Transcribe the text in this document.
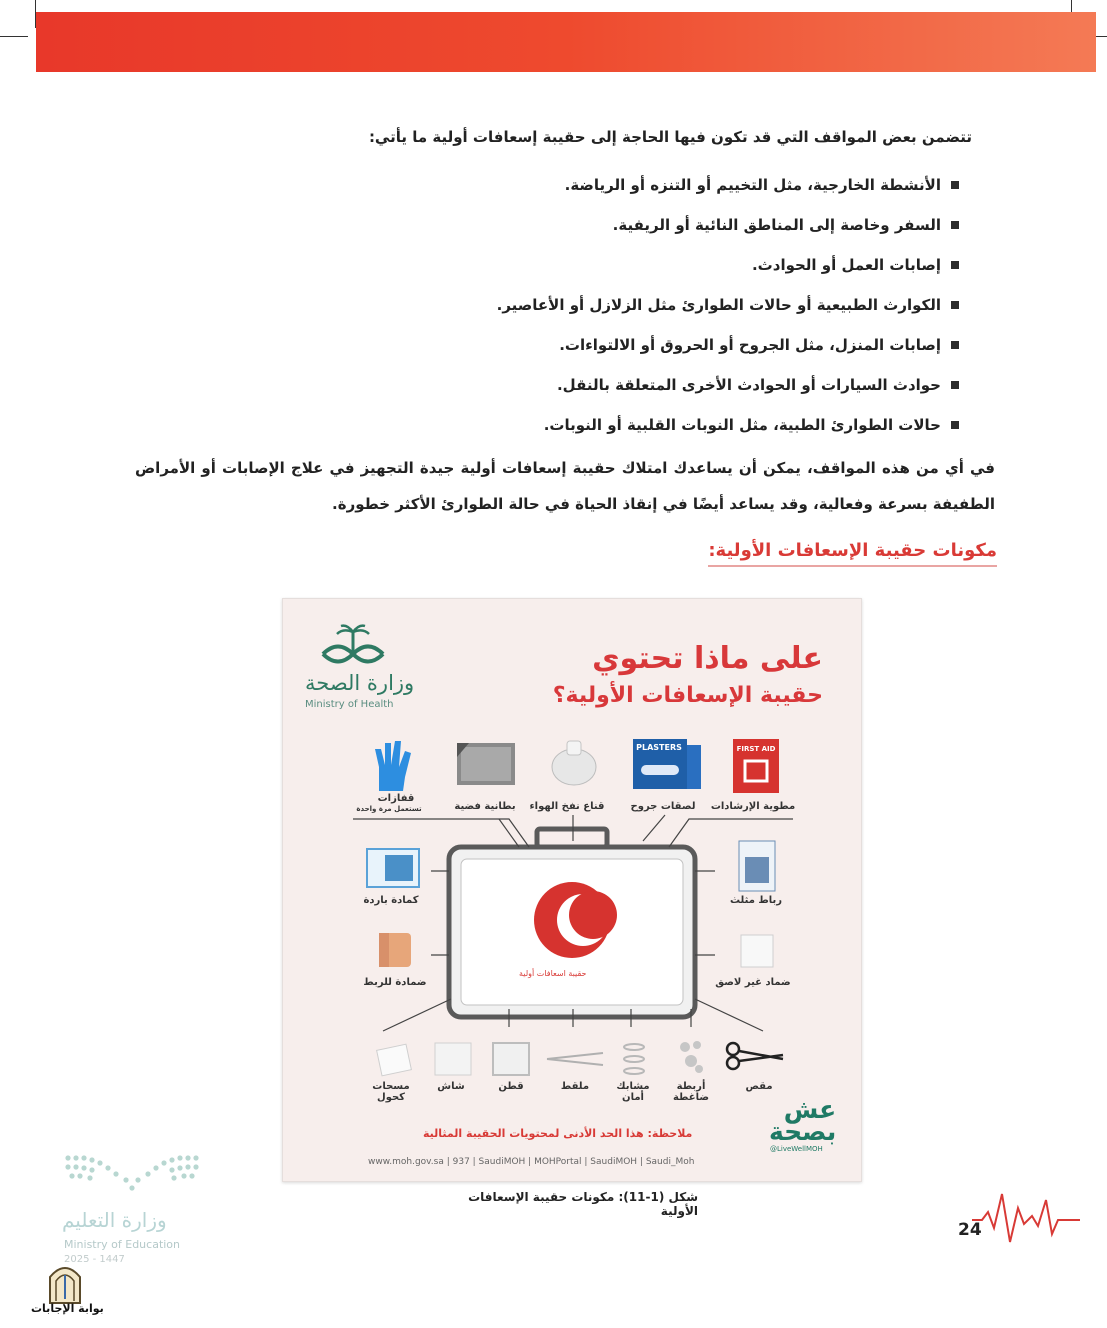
تتضمن بعض المواقف التي قد تكون فيها الحاجة إلى حقيبة إسعافات أولية ما يأتي:
الأنشطة الخارجية، مثل التخييم أو التنزه أو الرياضة.
السفر وخاصة إلى المناطق النائية أو الريفية.
إصابات العمل أو الحوادث.
الكوارث الطبيعية أو حالات الطوارئ مثل الزلازل أو الأعاصير.
إصابات المنزل، مثل الجروح أو الحروق أو الالتواءات.
حوادث السيارات أو الحوادث الأخرى المتعلقة بالنقل.
حالات الطوارئ الطبية، مثل النوبات القلبية أو النوبات.
في أي من هذه المواقف، يمكن أن يساعدك امتلاك حقيبة إسعافات أولية جيدة التجهيز في علاج الإصابات أو الأمراض الطفيفة بسرعة وفعالية، وقد يساعد أيضًا في إنقاذ الحياة في حالة الطوارئ الأكثر خطورة.
مكونات حقيبة الإسعافات الأولية:
على ماذا تحتوي
حقيبة الإسعافات الأولية؟
وزارة الصحة
Ministry of Health
قفازات
تستعمل مرة واحدة	بطانية فضية	قناع نفخ الهواء
PLASTERS
لصقات جروح
FIRST AID
مطوية الإرشادات
حقيبة اسعافات أولية
كمادة باردة
ضمادة للربط
رباط مثلث
ضماد غير لاصق
مسحات كحول
شاش	قطن	ملقط	مشابك أمان
أربطة ضاغطة
مقص
ملاحظة: هذا الحد الأدنى لمحتويات الحقيبة المثالية
www.moh.gov.sa | 937 | SaudiMOH | MOHPortal | SaudiMOH | Saudi_Moh
عش
بصحة
@LiveWellMOH
شكل (1-11): مكونات حقيبة الإسعافات الأولية
24
وزارة التعليم
Ministry of Education
2025 - 1447
بوابة الإجابات
